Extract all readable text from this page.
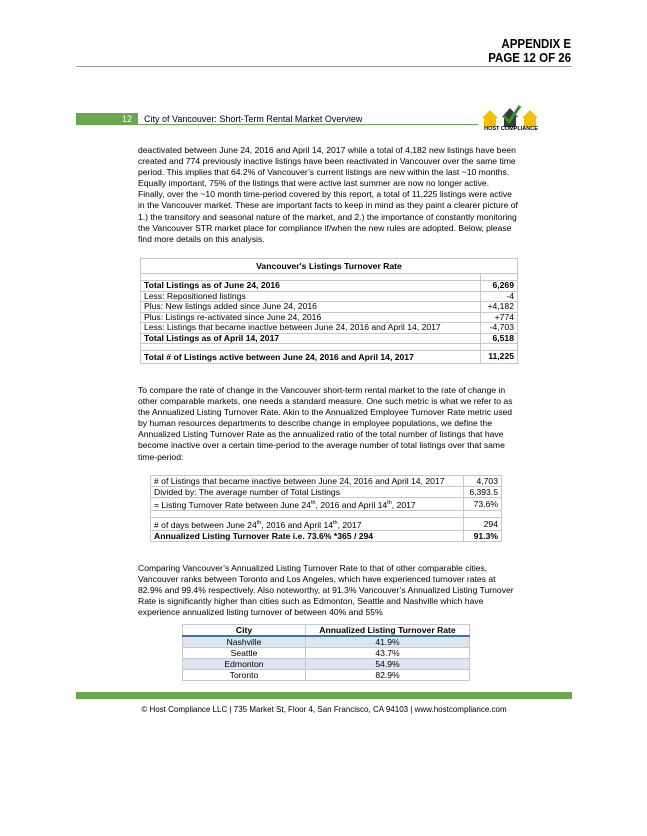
APPENDIX E
PAGE 12 OF 26
12	City of Vancouver: Short-Term Rental Market Overview
HOST COMPLIANCE
deactivated between June 24, 2016 and April 14, 2017 while a total of 4,182 new listings have been created and 774 previously inactive listings have been reactivated in Vancouver over the same time period. This implies that 64.2% of Vancouver’s current listings are new within the last ~10 months. Equally important, 75% of the listings that were active last summer are now no longer active. Finally, over the ~10 month time-period covered by this report, a total of 11,225 listings were active in the Vancouver market. These are important facts to keep in mind as they paint a clearer picture of 1.) the transitory and seasonal nature of the market, and 2.) the importance of constantly monitoring the Vancouver STR market place for compliance if/when the new rules are adopted. Below, please find more details on this analysis.
Vancouver's Listings Turnover Rate	

Total Listings as of June 24, 2016	6,269
Less: Repositioned listings	-4
Plus: New listings added since June 24, 2016	+4,182
Plus: Listings re-activated since June 24, 2016	+774
Less: Listings that became inactive between June 24, 2016 and April 14, 2017	-4,703
Total Listings as of April 14, 2017	6,518

Total # of Listings active between June 24, 2016 and April 14, 2017	11,225
To compare the rate of change in the Vancouver short-term rental market to the rate of change in other comparable markets, one needs a standard measure. One such metric is what we refer to as the Annualized Listing Turnover Rate. Akin to the Annualized Employee Turnover Rate metric used by human resources departments to describe change in employee populations, we define the Annualized Listing Turnover Rate as the annualized ratio of the total number of listings that have become inactive over a certain time-period to the average number of total listings over that same time-period:
# of Listings that became inactive between June 24, 2016 and April 14, 2017	4,703
Divided by: The average number of Total Listings	6,393.5
= Listing Turnover Rate between June 24th, 2016 and April 14th, 2017	73.6%

# of days between June 24th, 2016 and April 14th, 2017	294
Annualized Listing Turnover Rate i.e. 73.6% *365 / 294	91.3%
Comparing Vancouver’s Annualized Listing Turnover Rate to that of other comparable cities, Vancouver ranks between Toronto and Los Angeles, which have experienced turnover rates at 82.9% and 99.4% respectively. Also noteworthy, at 91.3% Vancouver’s Annualized Listing Turnover Rate is significantly higher than cities such as Edmonton, Seattle and Nashville which have experience annualized listing turnover of between 40% and 55%
City	Annualized Listing Turnover Rate
Nashville	41.9%
Seattle	43.7%
Edmonton	54.9%
Toronto	82.9%
© Host Compliance LLC | 735 Market St, Floor 4, San Francisco, CA 94103 | www.hostcompliance.com
